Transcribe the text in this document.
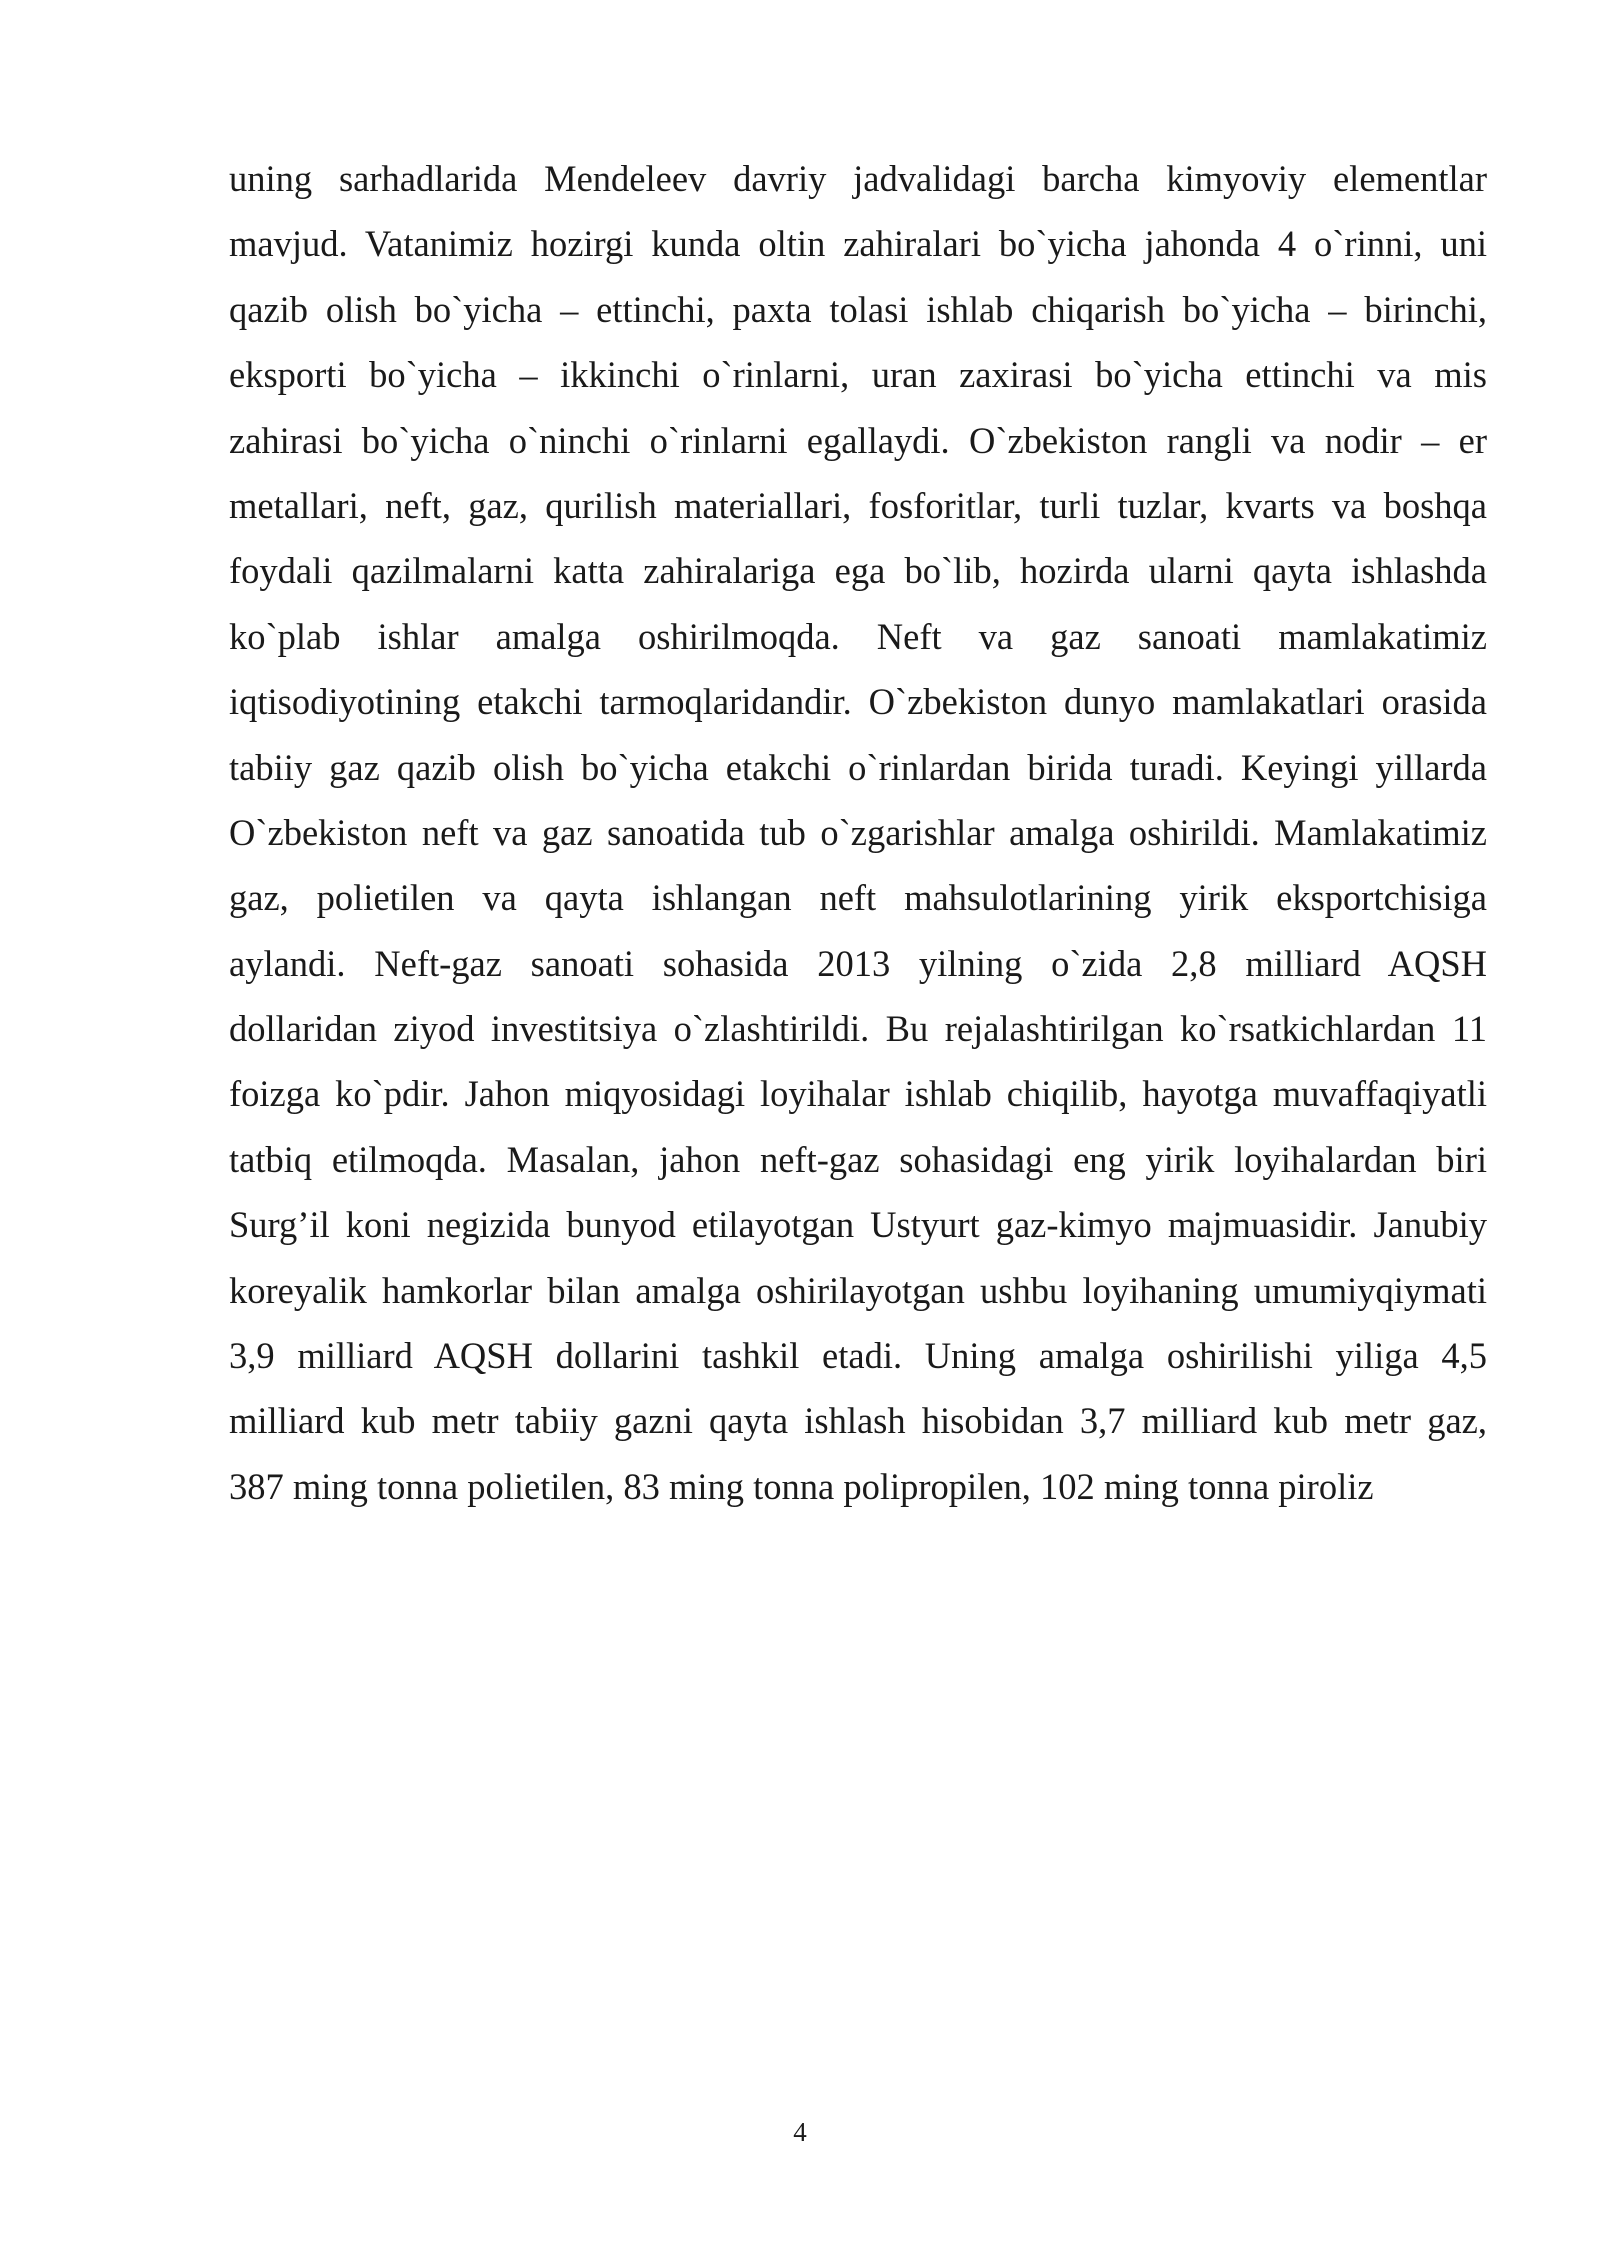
uning sarhadlarida Mendeleev davriy jadvalidagi barcha kimyoviy elementlar
mavjud. Vatanimiz hozirgi kunda oltin zahiralari bo`yicha jahonda 4 o`rinni, uni
qazib olish bo`yicha – ettinchi, paxta tolasi ishlab chiqarish bo`yicha – birinchi,
eksporti bo`yicha – ikkinchi o`rinlarni, uran zaxirasi bo`yicha ettinchi va mis
zahirasi bo`yicha o`ninchi o`rinlarni egallaydi. O`zbekiston rangli va nodir – er
metallari, neft, gaz, qurilish materiallari, fosforitlar, turli tuzlar, kvarts va boshqa
foydali qazilmalarni katta zahiralariga ega bo`lib, hozirda ularni qayta ishlashda
ko`plab ishlar amalga oshirilmoqda. Neft va gaz sanoati mamlakatimiz
iqtisodiyotining etakchi tarmoqlaridandir. O`zbekiston dunyo mamlakatlari orasida
tabiiy gaz qazib olish bo`yicha etakchi o`rinlardan birida turadi. Keyingi yillarda
O`zbekiston neft va gaz sanoatida tub o`zgarishlar amalga oshirildi. Mamlakatimiz
gaz, polietilen va qayta ishlangan neft mahsulotlarining yirik eksportchisiga
aylandi. Neft-gaz sanoati sohasida 2013 yilning o`zida 2,8 milliard AQSH
dollaridan ziyod investitsiya o`zlashtirildi. Bu rejalashtirilgan ko`rsatkichlardan 11
foizga ko`pdir. Jahon miqyosidagi loyihalar ishlab chiqilib, hayotga muvaffaqiyatli
tatbiq etilmoqda. Masalan, jahon neft-gaz sohasidagi eng yirik loyihalardan biri
Surg’il koni negizida bunyod etilayotgan Ustyurt gaz-kimyo majmuasidir. Janubiy
koreyalik hamkorlar bilan amalga oshirilayotgan ushbu loyihaning umumiyqiymati
3,9 milliard AQSH dollarini tashkil etadi. Uning amalga oshirilishi yiliga 4,5
milliard kub metr tabiiy gazni qayta ishlash hisobidan 3,7 milliard kub metr gaz,
387 ming tonna polietilen, 83 ming tonna polipropilen, 102 ming tonna piroliz
4
